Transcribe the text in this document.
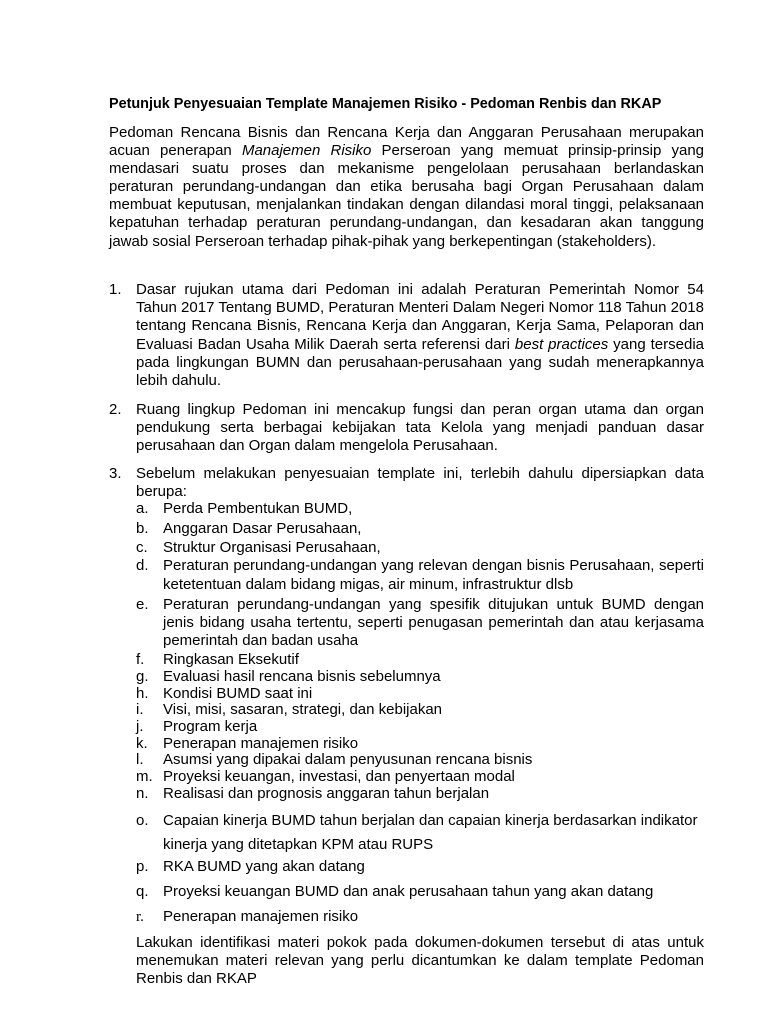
Petunjuk Penyesuaian Template Manajemen Risiko - Pedoman Renbis dan RKAP

Pedoman Rencana Bisnis dan Rencana Kerja dan Anggaran Perusahaan merupakan acuan penerapan Manajemen Risiko Perseroan yang memuat prinsip-prinsip yang mendasari suatu proses dan mekanisme pengelolaan perusahaan berlandaskan peraturan perundang-undangan dan etika berusaha bagi Organ Perusahaan dalam membuat keputusan, menjalankan tindakan dengan dilandasi moral tinggi, pelaksanaan kepatuhan terhadap peraturan perundang-undangan, dan kesadaran akan tanggung jawab sosial Perseroan terhadap pihak-pihak yang berkepentingan (stakeholders).

1. Dasar rujukan utama dari Pedoman ini adalah Peraturan Pemerintah Nomor 54 Tahun 2017 Tentang BUMD, Peraturan Menteri Dalam Negeri Nomor 118 Tahun 2018 tentang Rencana Bisnis, Rencana Kerja dan Anggaran, Kerja Sama, Pelaporan dan Evaluasi Badan Usaha Milik Daerah serta referensi dari best practices yang tersedia pada lingkungan BUMN dan perusahaan-perusahaan yang sudah menerapkannya lebih dahulu.
2. Ruang lingkup Pedoman ini mencakup fungsi dan peran organ utama dan organ pendukung serta berbagai kebijakan tata Kelola yang menjadi panduan dasar perusahaan dan Organ dalam mengelola Perusahaan.
3. Sebelum melakukan penyesuaian template ini, terlebih dahulu dipersiapkan data berupa:
a. Perda Pembentukan BUMD,
b. Anggaran Dasar Perusahaan,
c. Struktur Organisasi Perusahaan,
d. Peraturan perundang-undangan yang relevan dengan bisnis Perusahaan, seperti ketetentuan dalam bidang migas, air minum, infrastruktur dlsb
e. Peraturan perundang-undangan yang spesifik ditujukan untuk BUMD dengan jenis bidang usaha tertentu, seperti penugasan pemerintah dan atau kerjasama pemerintah dan badan usaha
f. Ringkasan Eksekutif
g. Evaluasi hasil rencana bisnis sebelumnya
h. Kondisi BUMD saat ini
i. Visi, misi, sasaran, strategi, dan kebijakan
j. Program kerja
k. Penerapan manajemen risiko
l. Asumsi yang dipakai dalam penyusunan rencana bisnis
m. Proyeksi keuangan, investasi, dan penyertaan modal
n. Realisasi dan prognosis anggaran tahun berjalan
o. Capaian kinerja BUMD tahun berjalan dan capaian kinerja berdasarkan indikator kinerja yang ditetapkan KPM atau RUPS
p. RKA BUMD yang akan datang
q. Proyeksi keuangan BUMD dan anak perusahaan tahun yang akan datang
r. Penerapan manajemen risiko

Lakukan identifikasi materi pokok pada dokumen-dokumen tersebut di atas untuk menemukan materi relevan yang perlu dicantumkan ke dalam template Pedoman Renbis dan RKAP
